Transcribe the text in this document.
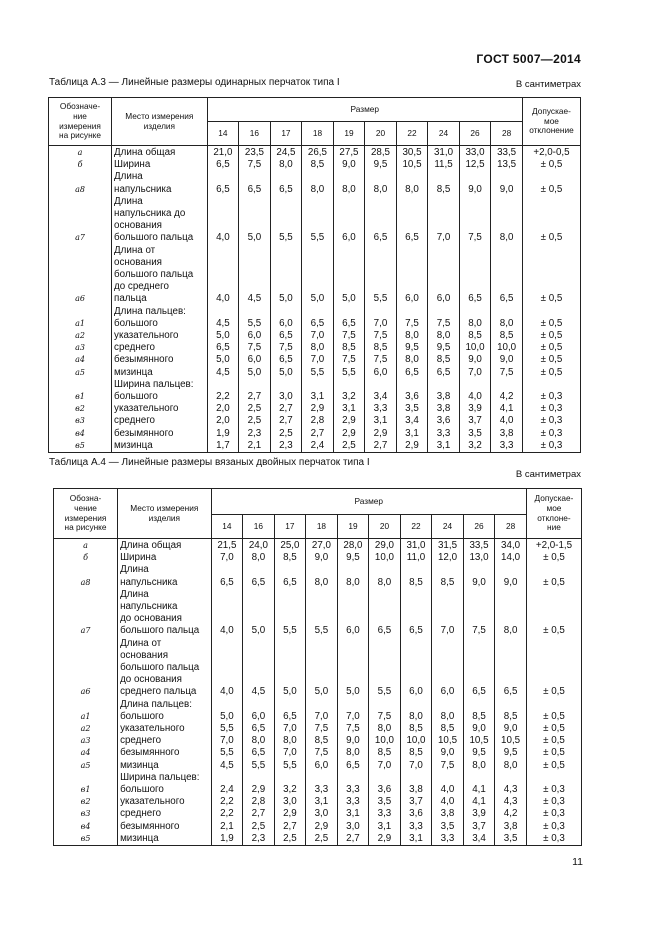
ГОСТ 5007—2014
Таблица А.3 — Линейные размеры одинарных перчаток типа I	В сантиметрах
Обозначе-
ние
измерения
на рисунке	Место измерения
изделия	Размер										Допускае-
мое
отклонение
		14	16	17	18	19	20	22	24	26	28	
a	Длина общая	21,0	23,5	24,5	26,5	27,5	28,5	30,5	31,0	33,0	33,5	+2,0-0,5
б	Ширина	6,5	7,5	8,0	8,5	9,0	9,5	10,5	11,5	12,5	13,5	± 0,5
а8	Длина
напульсника	6,5	6,5	6,5	8,0	8,0	8,0	8,0	8,5	9,0	9,0	± 0,5
а7	Длина
напульсника до
основания
большого пальца	4,0	5,0	5,5	5,5	6,0	6,5	6,5	7,0	7,5	8,0	± 0,5
а6	Длина от
основания
большого пальца
до среднего
пальца	4,0	4,5	5,0	5,0	5,0	5,5	6,0	6,0	6,5	6,5	± 0,5
	Длина пальцев:											
а1	большого	4,5	5,5	6,0	6,5	6,5	7,0	7,5	7,5	8,0	8,0	± 0,5
а2	указательного	5,0	6,0	6,5	7,0	7,5	7,5	8,0	8,0	8,5	8,5	± 0,5
а3	среднего	6,5	7,5	7,5	8,0	8,5	8,5	9,5	9,5	10,0	10,0	± 0,5
а4	безымянного	5,0	6,0	6,5	7,0	7,5	7,5	8,0	8,5	9,0	9,0	± 0,5
а5	мизинца	4,5	5,0	5,0	5,5	5,5	6,0	6,5	6,5	7,0	7,5	± 0,5
	Ширина пальцев:											
в1	большого	2,2	2,7	3,0	3,1	3,2	3,4	3,6	3,8	4,0	4,2	± 0,3
в2	указательного	2,0	2,5	2,7	2,9	3,1	3,3	3,5	3,8	3,9	4,1	± 0,3
в3	среднего	2,0	2,5	2,7	2,8	2,9	3,1	3,4	3,6	3,7	4,0	± 0,3
в4	безымянного	1,9	2,3	2,5	2,7	2,9	2,9	3,1	3,3	3,5	3,8	± 0,3
в5	мизинца	1,7	2,1	2,3	2,4	2,5	2,7	2,9	3,1	3,2	3,3	± 0,3
Таблица А.4 — Линейные размеры вязаных двойных перчаток типа I
В сантиметрах
Обозна-
чение
измерения
на рисунке	Место измерения
изделия	Размер										Допускае-
мое
отклоне-
ние
		14	16	17	18	19	20	22	24	26	28	
a	Длина общая	21,5	24,0	25,0	27,0	28,0	29,0	31,0	31,5	33,5	34,0	+2,0-1,5
б	Ширина	7,0	8,0	8,5	9,0	9,5	10,0	11,0	12,0	13,0	14,0	± 0,5
а8	Длина напульсника	6,5	6,5	6,5	8,0	8,0	8,0	8,5	8,5	9,0	9,0	± 0,5
а7	Длина напульсника
до основания
большого пальца	4,0	5,0	5,5	5,5	6,0	6,5	6,5	7,0	7,5	8,0	± 0,5
а6	Длина от
основания
большого пальца
до основания
среднего пальца	4,0	4,5	5,0	5,0	5,0	5,5	6,0	6,0	6,5	6,5	± 0,5
	Длина пальцев:											
а1	большого	5,0	6,0	6,5	7,0	7,0	7,5	8,0	8,0	8,5	8,5	± 0,5
а2	указательного	5,5	6,5	7,0	7,5	7,5	8,0	8,5	8,5	9,0	9,0	± 0,5
а3	среднего	7,0	8,0	8,0	8,5	9,0	10,0	10,0	10,5	10,5	10,5	± 0,5
а4	безымянного	5,5	6,5	7,0	7,5	8,0	8,5	8,5	9,0	9,5	9,5	± 0,5
а5	мизинца	4,5	5,5	5,5	6,0	6,5	7,0	7,0	7,5	8,0	8,0	± 0,5
	Ширина пальцев:											
в1	большого	2,4	2,9	3,2	3,3	3,3	3,6	3,8	4,0	4,1	4,3	± 0,3
в2	указательного	2,2	2,8	3,0	3,1	3,3	3,5	3,7	4,0	4,1	4,3	± 0,3
в3	среднего	2,2	2,7	2,9	3,0	3,1	3,3	3,6	3,8	3,9	4,2	± 0,3
в4	безымянного	2,1	2,5	2,7	2,9	3,0	3,1	3,3	3,5	3,7	3,8	± 0,3
в5	мизинца	1,9	2,3	2,5	2,5	2,7	2,9	3,1	3,3	3,4	3,5	± 0,3
11
